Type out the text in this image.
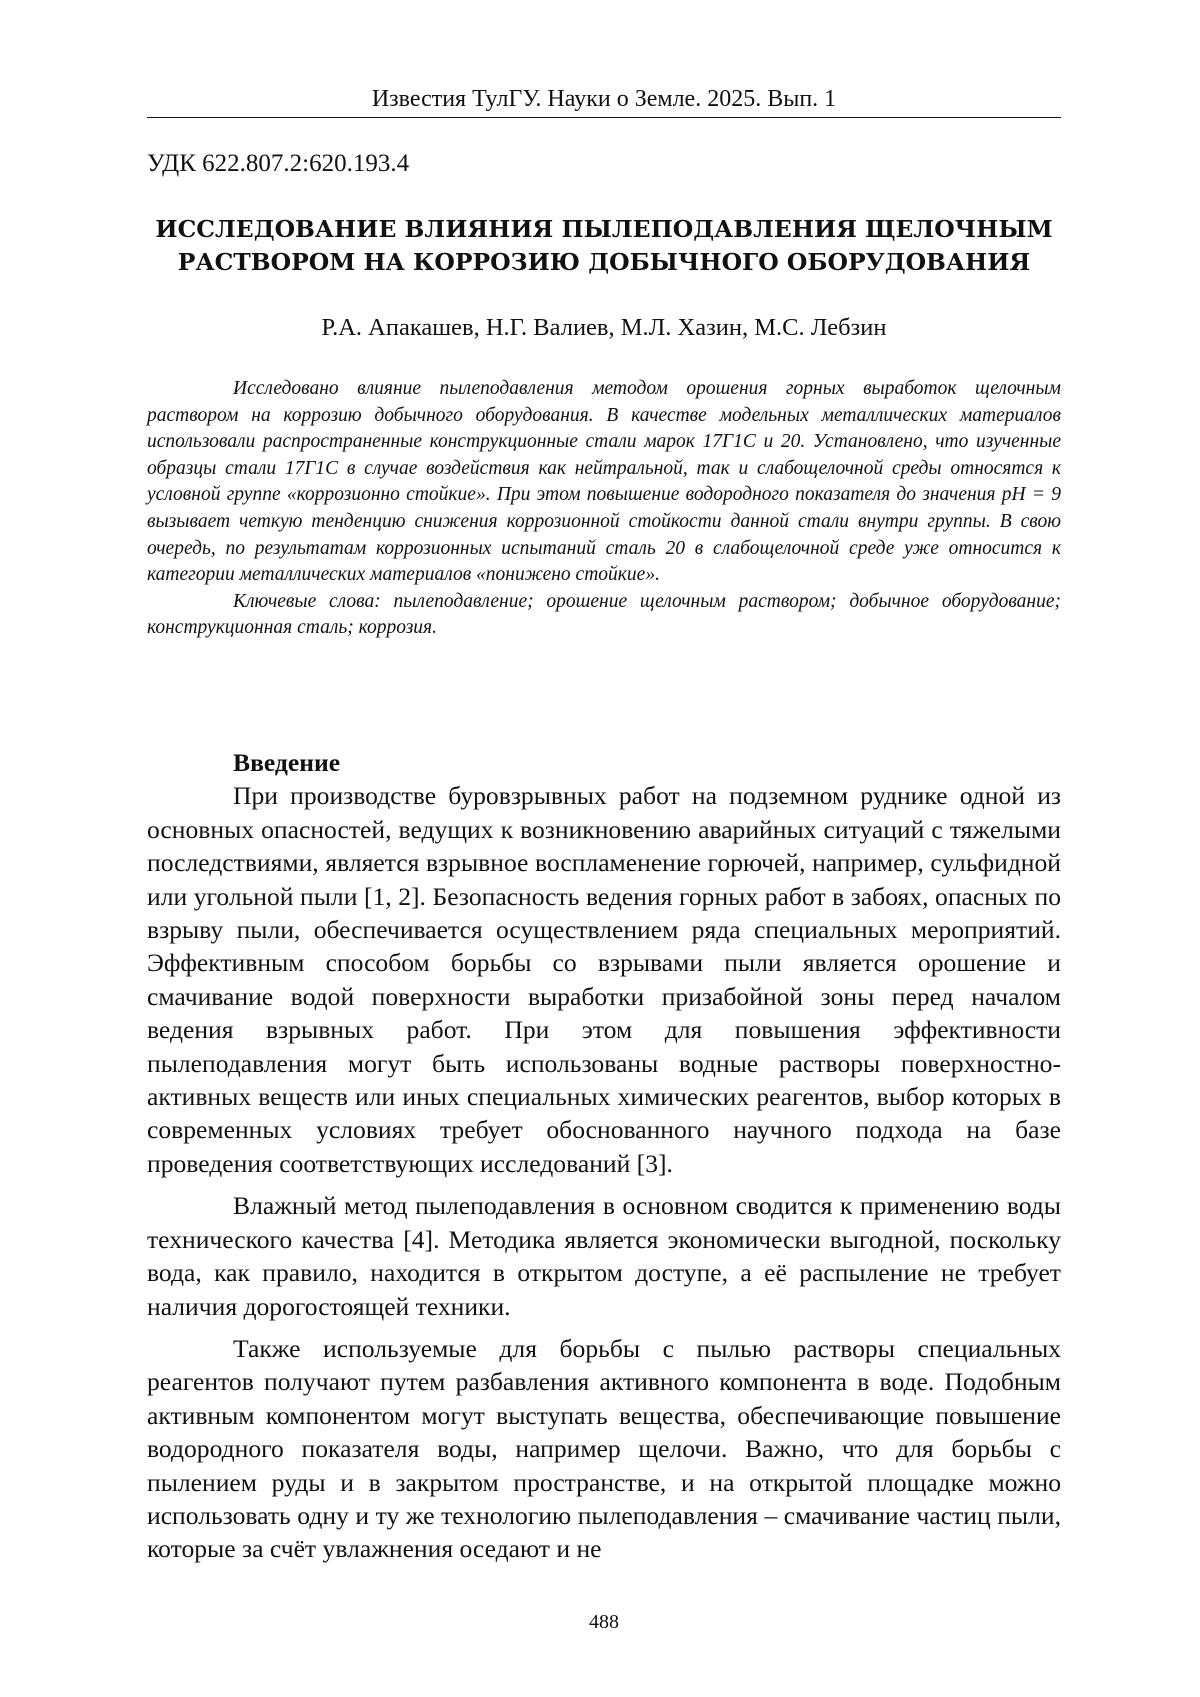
Известия ТулГУ. Науки о Земле. 2025. Вып. 1
УДК 622.807.2:620.193.4
ИССЛЕДОВАНИЕ ВЛИЯНИЯ ПЫЛЕПОДАВЛЕНИЯ ЩЕЛОЧНЫМ
РАСТВОРОМ НА КОРРОЗИЮ ДОБЫЧНОГО ОБОРУДОВАНИЯ
Р.А. Апакашев, Н.Г. Валиев, М.Л. Хазин, М.С. Лебзин

Исследовано влияние пылеподавления методом орошения горных выработок щелочным раствором на коррозию добычного оборудования. В качестве модельных металлических материалов использовали распространенные конструкционные стали марок 17Г1С и 20. Установлено, что изученные образцы стали 17Г1С в случае воздействия как нейтральной, так и слабощелочной среды относятся к условной группе «коррозионно стойкие». При этом повышение водородного показателя до значения pH = 9 вызывает четкую тенденцию снижения коррозионной стойкости данной стали внутри группы. В свою очередь, по результатам коррозионных испытаний сталь 20 в слабощелочной среде уже относится к категории металлических материалов «понижено стойкие».

Ключевые слова: пылеподавление; орошение щелочным раствором; добычное оборудование; конструкционная сталь; коррозия.

Введение

При производстве буровзрывных работ на подземном руднике одной из основных опасностей, ведущих к возникновению аварийных ситуаций с тяжелыми последствиями, является взрывное воспламенение горючей, например, сульфидной или угольной пыли [1, 2]. Безопасность ведения горных работ в забоях, опасных по взрыву пыли, обеспечивается осуществлением ряда специальных мероприятий. Эффективным способом борьбы со взрывами пыли является орошение и смачивание водой поверхности выработки призабойной зоны перед началом ведения взрывных работ. При этом для повышения эффективности пылеподавления могут быть использованы водные растворы поверхностно-активных веществ или иных специальных химических реагентов, выбор которых в современных условиях требует обоснованного научного подхода на базе проведения соответствующих исследований [3].

Влажный метод пылеподавления в основном сводится к применению воды технического качества [4]. Методика является экономически выгодной, поскольку вода, как правило, находится в открытом доступе, а её распыление не требует наличия дорогостоящей техники.

Также используемые для борьбы с пылью растворы специальных реагентов получают путем разбавления активного компонента в воде. Подобным активным компонентом могут выступать вещества, обеспечивающие повышение водородного показателя воды, например щелочи. Важно, что для борьбы с пылением руды и в закрытом пространстве, и на открытой площадке можно использовать одну и ту же технологию пылеподавления – смачивание частиц пыли, которые за счёт увлажнения оседают и не

488
